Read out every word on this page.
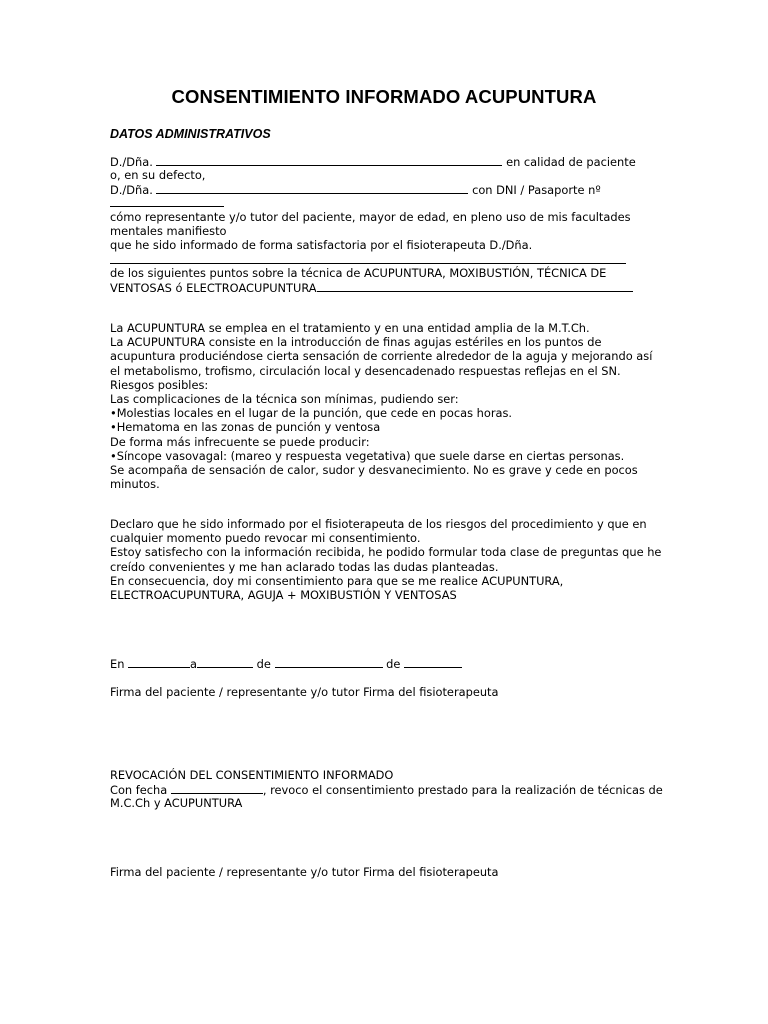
CONSENTIMIENTO INFORMADO ACUPUNTURA
DATOS ADMINISTRATIVOS
D./Dña.	en calidad de paciente
o, en su defecto,
D./Dña.	con DNI / Pasaporte nº
cómo representante y/o tutor del paciente, mayor de edad, en pleno uso de mis facultades
mentales manifiesto
que he sido informado de forma satisfactoria por el fisioterapeuta D./Dña.
de los siguientes puntos sobre la técnica de ACUPUNTURA, MOXIBUSTIÓN, TÉCNICA DE
VENTOSAS ó ELECTROACUPUNTURA
La ACUPUNTURA se emplea en el tratamiento y en una entidad amplia de la M.T.Ch.
La ACUPUNTURA consiste en la introducción de finas agujas estériles en los puntos de
acupuntura produciéndose cierta sensación de corriente alrededor de la aguja y mejorando así
el metabolismo, trofismo, circulación local y desencadenado respuestas reflejas en el SN.
Riesgos posibles:
Las complicaciones de la técnica son mínimas, pudiendo ser:
•Molestias locales en el lugar de la punción, que cede en pocas horas.
•Hematoma en las zonas de punción y ventosa
De forma más infrecuente se puede producir:
•Síncope vasovagal: (mareo y respuesta vegetativa) que suele darse en ciertas personas.
Se acompaña de sensación de calor, sudor y desvanecimiento. No es grave y cede en pocos
minutos.
Declaro que he sido informado por el fisioterapeuta de los riesgos del procedimiento y que en
cualquier momento puedo revocar mi consentimiento.
Estoy satisfecho con la información recibida, he podido formular toda clase de preguntas que he
creído convenientes y me han aclarado todas las dudas planteadas.
En consecuencia, doy mi consentimiento para que se me realice ACUPUNTURA,
ELECTROACUPUNTURA, AGUJA + MOXIBUSTIÓN Y VENTOSAS
En	a	de	de
Firma del paciente / representante y/o tutor Firma del fisioterapeuta
REVOCACIÓN DEL CONSENTIMIENTO INFORMADO
Con fecha	, revoco el consentimiento prestado para la realización de técnicas de
M.C.Ch y ACUPUNTURA
Firma del paciente / representante y/o tutor Firma del fisioterapeuta
